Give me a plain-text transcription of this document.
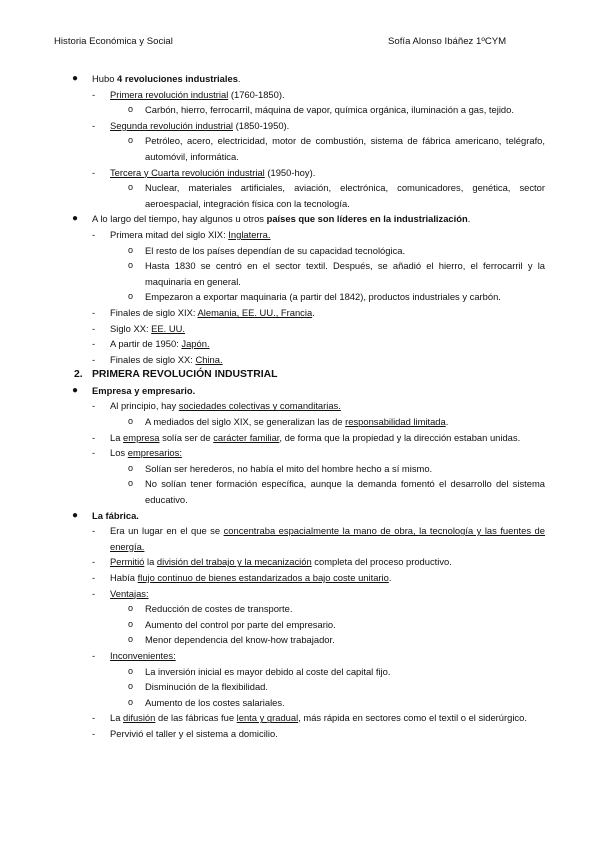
Historia Económica y Social	Sofía Alonso Ibáñez 1ºCYM
● Hubo 4 revoluciones industriales.
- Primera revolución industrial (1760-1850).
o Carbón, hierro, ferrocarril, máquina de vapor, química orgánica, iluminación a gas, tejido.
- Segunda revolución industrial (1850-1950).
o Petróleo, acero, electricidad, motor de combustión, sistema de fábrica americano, telégrafo, automóvil, informática.
- Tercera y Cuarta revolución industrial (1950-hoy).
o Nuclear, materiales artificiales, aviación, electrónica, comunicadores, genética, sector aeroespacial, integración física con la tecnología.
● A lo largo del tiempo, hay algunos u otros países que son líderes en la industrialización.
- Primera mitad del siglo XIX: Inglaterra.
o El resto de los países dependían de su capacidad tecnológica.
o Hasta 1830 se centró en el sector textil. Después, se añadió el hierro, el ferrocarril y la maquinaria en general.
o Empezaron a exportar maquinaria (a partir del 1842), productos industriales y carbón.
- Finales de siglo XIX: Alemania, EE. UU., Francia.
- Siglo XX: EE. UU.
- A partir de 1950: Japón.
- Finales de siglo XX: China.
2. PRIMERA REVOLUCIÓN INDUSTRIAL
● Empresa y empresario.
- Al principio, hay sociedades colectivas y comanditarias.
o A mediados del siglo XIX, se generalizan las de responsabilidad limitada.
- La empresa solía ser de carácter familiar, de forma que la propiedad y la dirección estaban unidas.
- Los empresarios:
o Solían ser herederos, no había el mito del hombre hecho a sí mismo.
o No solían tener formación específica, aunque la demanda fomentó el desarrollo del sistema educativo.
● La fábrica.
- Era un lugar en el que se concentraba espacialmente la mano de obra, la tecnología y las fuentes de energía.
- Permitió la división del trabajo y la mecanización completa del proceso productivo.
- Había flujo continuo de bienes estandarizados a bajo coste unitario.
- Ventajas:
o Reducción de costes de transporte.
o Aumento del control por parte del empresario.
o Menor dependencia del know-how trabajador.
- Inconvenientes:
o La inversión inicial es mayor debido al coste del capital fijo.
o Disminución de la flexibilidad.
o Aumento de los costes salariales.
- La difusión de las fábricas fue lenta y gradual, más rápida en sectores como el textil o el siderúrgico.
- Pervivió el taller y el sistema a domicilio.
